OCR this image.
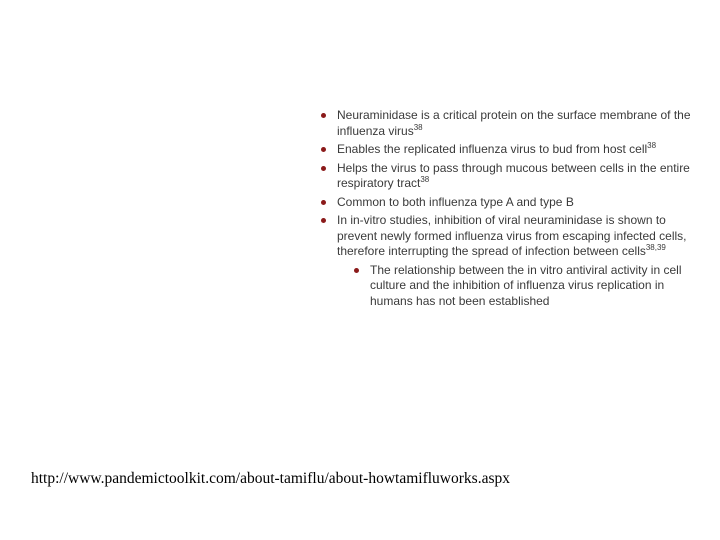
Neuraminidase is a critical protein on the surface membrane of the influenza virus$^{38}$
Enables the replicated influenza virus to bud from host cell$^{38}$
Helps the virus to pass through mucous between cells in the entire respiratory tract$^{38}$
Common to both influenza type A and type B
In in-vitro studies, inhibition of viral neuraminidase is shown to prevent newly formed influenza virus from escaping infected cells, therefore interrupting the spread of infection between cells$^{38,39}$
The relationship between the in vitro antiviral activity in cell culture and the inhibition of influenza virus replication in humans has not been established
http://www.pandemictoolkit.com/about-tamiflu/about-howtamifluworks.aspx
